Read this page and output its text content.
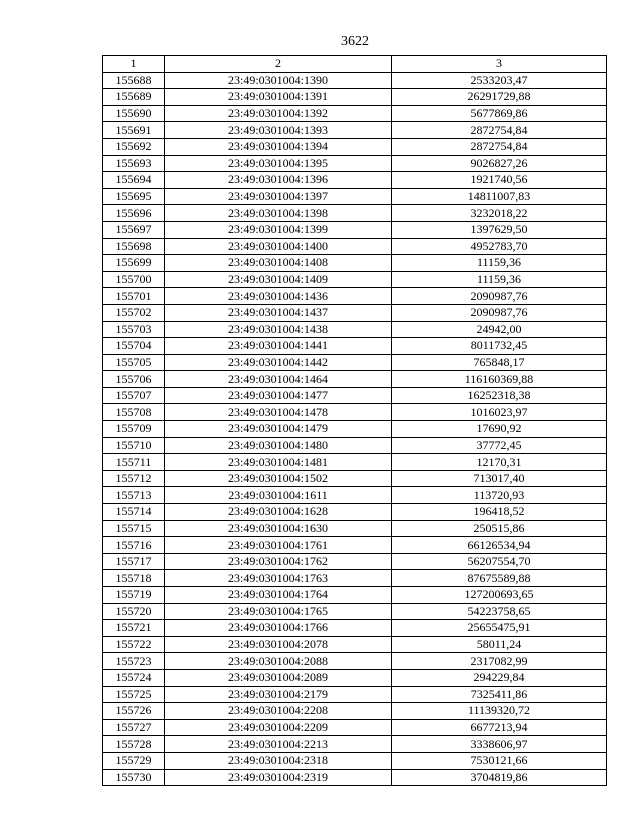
3622
1	2	3
155688	23:49:0301004:1390	2533203,47
155689	23:49:0301004:1391	26291729,88
155690	23:49:0301004:1392	5677869,86
155691	23:49:0301004:1393	2872754,84
155692	23:49:0301004:1394	2872754,84
155693	23:49:0301004:1395	9026827,26
155694	23:49:0301004:1396	1921740,56
155695	23:49:0301004:1397	14811007,83
155696	23:49:0301004:1398	3232018,22
155697	23:49:0301004:1399	1397629,50
155698	23:49:0301004:1400	4952783,70
155699	23:49:0301004:1408	11159,36
155700	23:49:0301004:1409	11159,36
155701	23:49:0301004:1436	2090987,76
155702	23:49:0301004:1437	2090987,76
155703	23:49:0301004:1438	24942,00
155704	23:49:0301004:1441	8011732,45
155705	23:49:0301004:1442	765848,17
155706	23:49:0301004:1464	116160369,88
155707	23:49:0301004:1477	16252318,38
155708	23:49:0301004:1478	1016023,97
155709	23:49:0301004:1479	17690,92
155710	23:49:0301004:1480	37772,45
155711	23:49:0301004:1481	12170,31
155712	23:49:0301004:1502	713017,40
155713	23:49:0301004:1611	113720,93
155714	23:49:0301004:1628	196418,52
155715	23:49:0301004:1630	250515,86
155716	23:49:0301004:1761	66126534,94
155717	23:49:0301004:1762	56207554,70
155718	23:49:0301004:1763	87675589,88
155719	23:49:0301004:1764	127200693,65
155720	23:49:0301004:1765	54223758,65
155721	23:49:0301004:1766	25655475,91
155722	23:49:0301004:2078	58011,24
155723	23:49:0301004:2088	2317082,99
155724	23:49:0301004:2089	294229,84
155725	23:49:0301004:2179	7325411,86
155726	23:49:0301004:2208	11139320,72
155727	23:49:0301004:2209	6677213,94
155728	23:49:0301004:2213	3338606,97
155729	23:49:0301004:2318	7530121,66
155730	23:49:0301004:2319	3704819,86
